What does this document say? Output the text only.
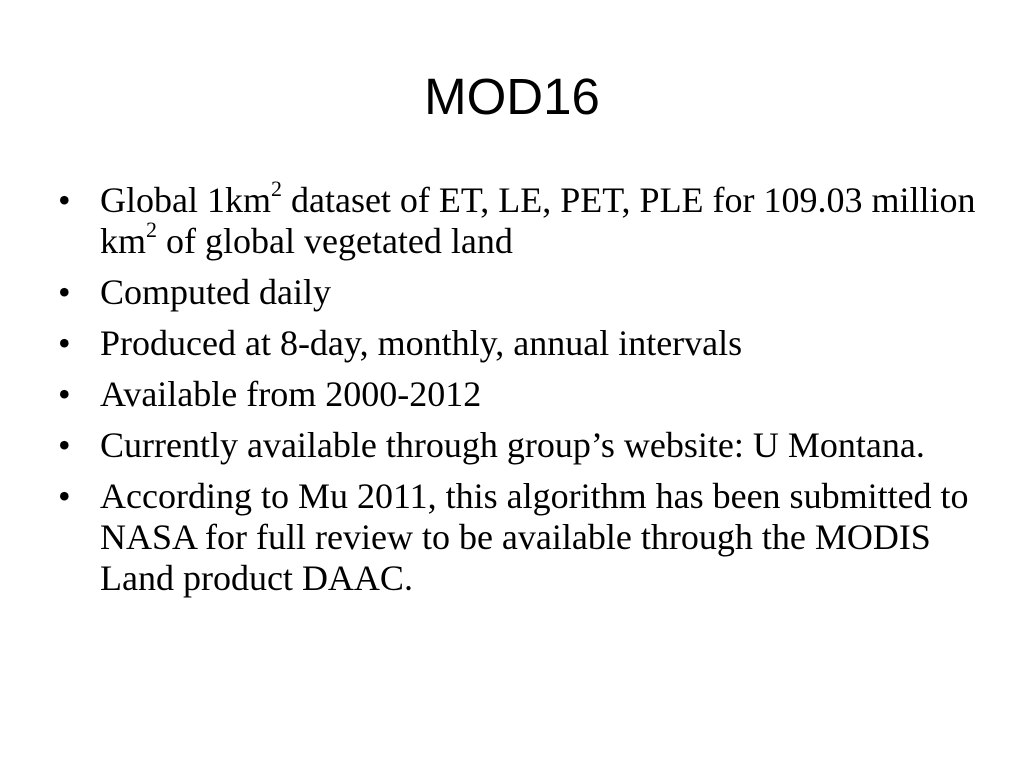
MOD16
• Global $1km^2$ dataset of ET, LE, PET, PLE for 109.03 million $km^2$ of global vegetated land
• Computed daily
• Produced at 8-day, monthly, annual intervals
• Available from 2000-2012
• Currently available through group’s website: U Montana.
• According to Mu 2011, this algorithm has been submitted to NASA for full review to be available through the MODIS Land product DAAC.
